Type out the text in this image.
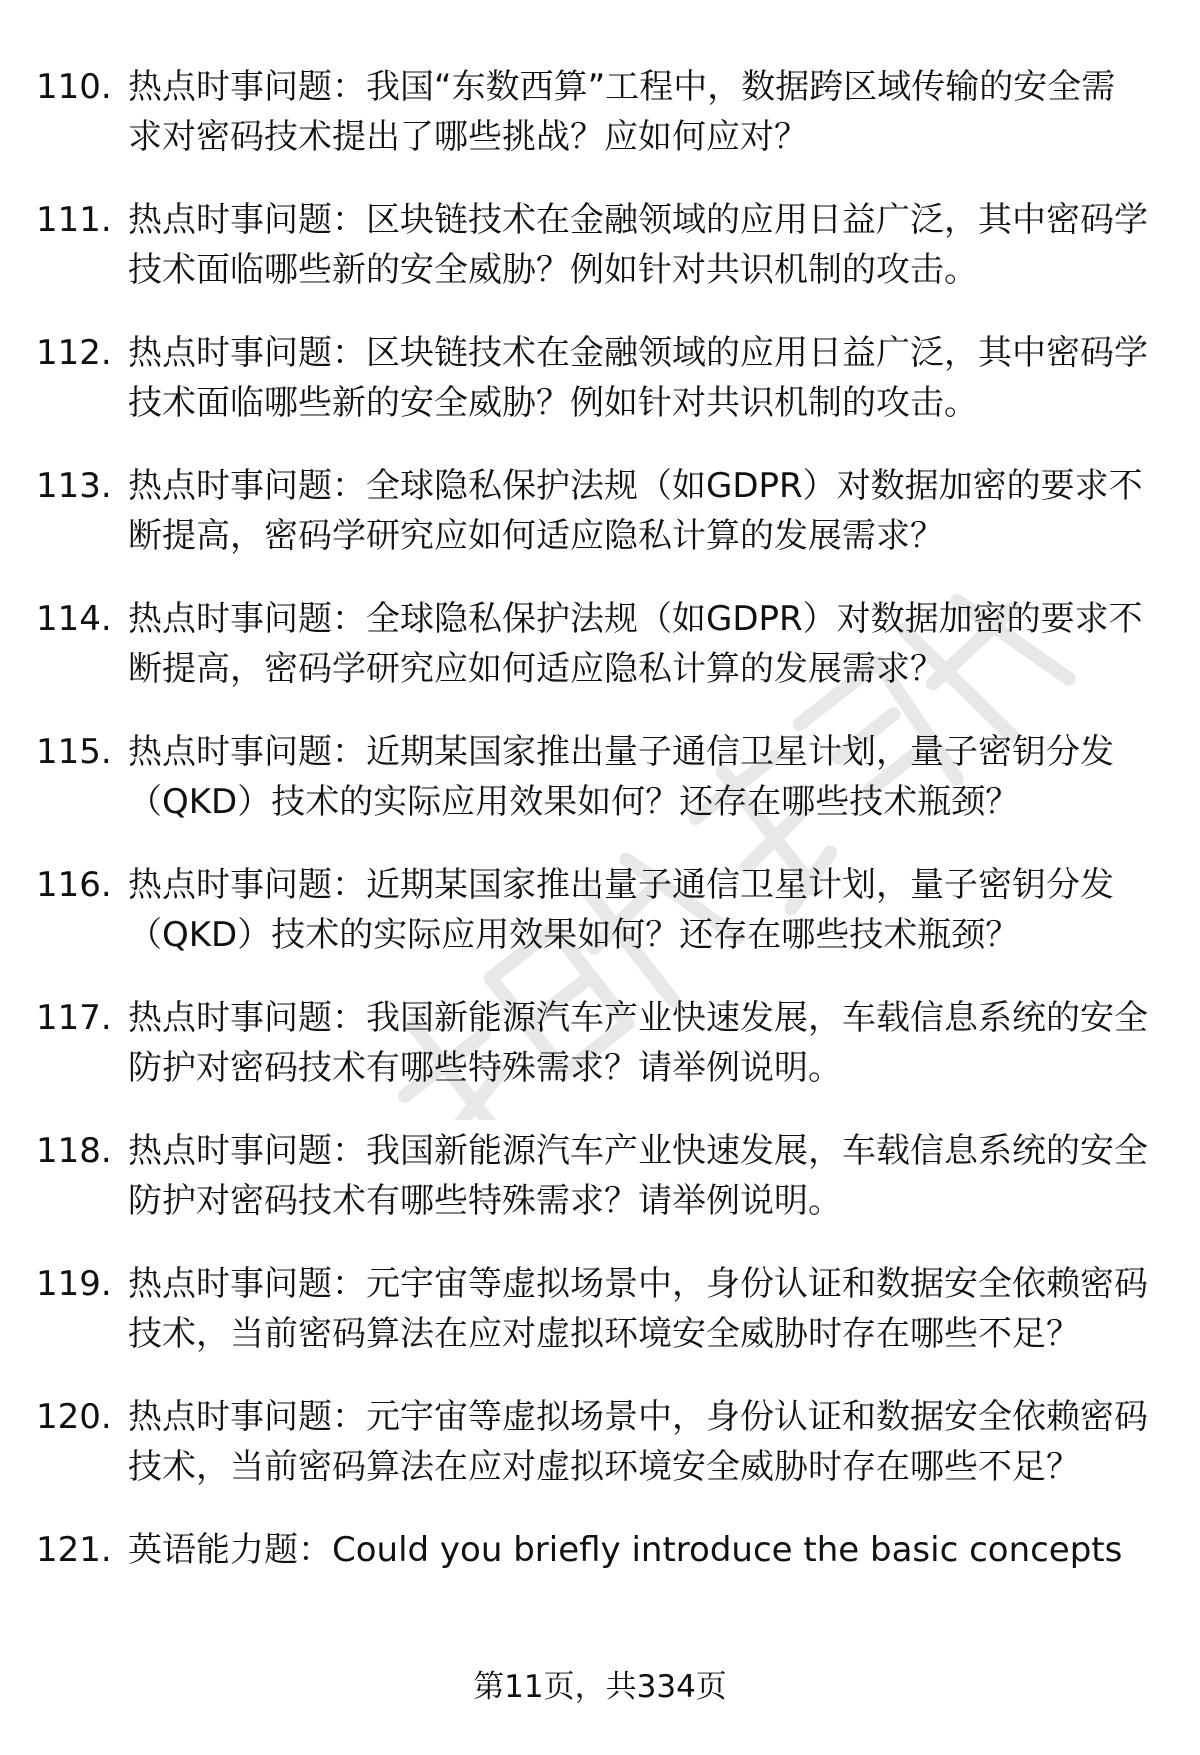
110. 热点时事问题：我国“东数西算”工程中，数据跨区域传输的安全需求对密码技术提出了哪些挑战？应如何应对？
111. 热点时事问题：区块链技术在金融领域的应用日益广泛，其中密码学技术面临哪些新的安全威胁？例如针对共识机制的攻击。
112. 热点时事问题：区块链技术在金融领域的应用日益广泛，其中密码学技术面临哪些新的安全威胁？例如针对共识机制的攻击。
113. 热点时事问题：全球隐私保护法规（如GDPR）对数据加密的要求不断提高，密码学研究应如何适应隐私计算的发展需求？
114. 热点时事问题：全球隐私保护法规（如GDPR）对数据加密的要求不断提高，密码学研究应如何适应隐私计算的发展需求？
115. 热点时事问题：近期某国家推出量子通信卫星计划，量子密钥分发（QKD）技术的实际应用效果如何？还存在哪些技术瓶颈？
116. 热点时事问题：近期某国家推出量子通信卫星计划，量子密钥分发（QKD）技术的实际应用效果如何？还存在哪些技术瓶颈？
117. 热点时事问题：我国新能源汽车产业快速发展，车载信息系统的安全防护对密码技术有哪些特殊需求？请举例说明。
118. 热点时事问题：我国新能源汽车产业快速发展，车载信息系统的安全防护对密码技术有哪些特殊需求？请举例说明。
119. 热点时事问题：元宇宙等虚拟场景中，身份认证和数据安全依赖密码技术，当前密码算法在应对虚拟环境安全威胁时存在哪些不足？
120. 热点时事问题：元宇宙等虚拟场景中，身份认证和数据安全依赖密码技术，当前密码算法在应对虚拟环境安全威胁时存在哪些不足？
121. 英语能力题：Could you briefly introduce the basic concepts
第11页，共334页
